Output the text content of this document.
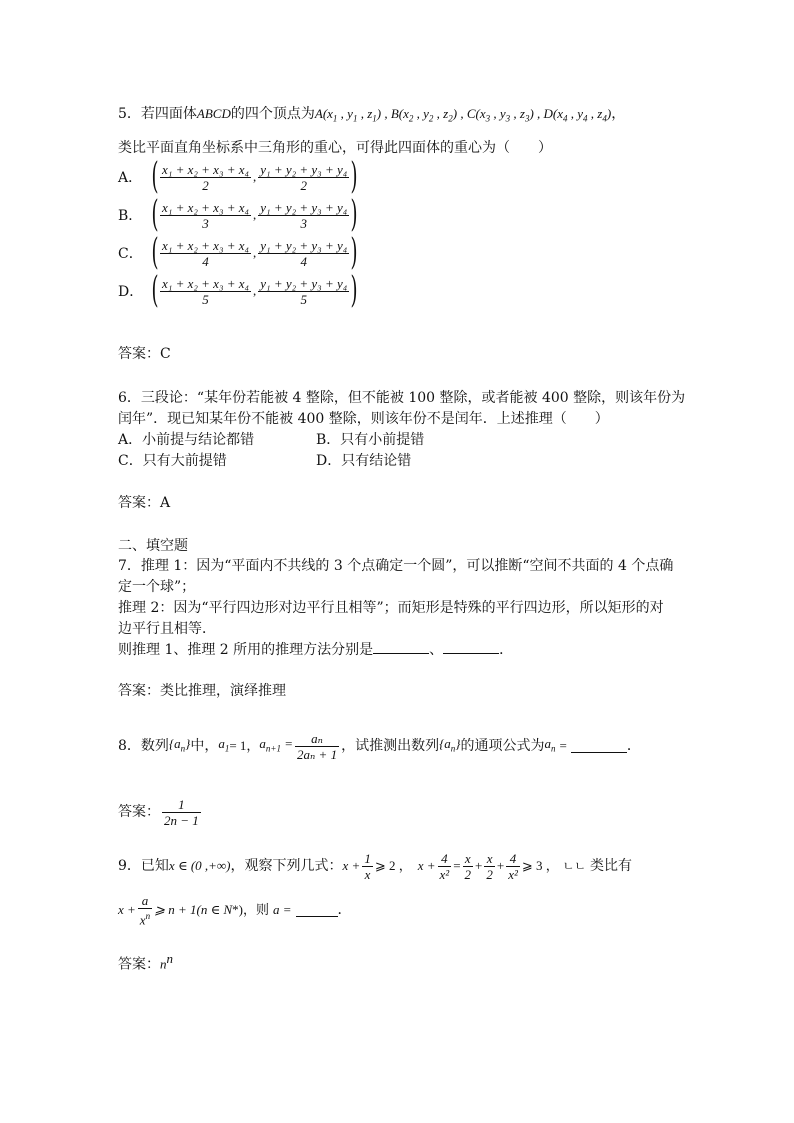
5．若四面体ABCD的四个顶点为$A(x_1$ , $y_1$ , $z_1$) , $B(x_2$ , $y_2$ , $z_2$) , $C(x_3$ , $y_3$ , $z_3$) , $D(x_4$ , $y_4$ , $z_4$)，
类比平面直角坐标系中三角形的重心，可得此四面体的重心为（　　）
A． ( $\frac{\text{x₁ + x₂ + x₃ + x₄}}{2}$ , $\frac{\text{y₁ + y₂ + y₃ + y₄}}{2}$ )
B． ( $\frac{\text{x₁ + x₂ + x₃ + x₄}}{3}$ , $\frac{\text{y₁ + y₂ + y₃ + y₄}}{3}$ )
C． ( $\frac{\text{x₁ + x₂ + x₃ + x₄}}{4}$ , $\frac{\text{y₁ + y₂ + y₃ + y₄}}{4}$ )
D． ( $\frac{\text{x₁ + x₂ + x₃ + x₄}}{5}$ , $\frac{\text{y₁ + y₂ + y₃ + y₄}}{5}$ )
答案：C
6．三段论：“某年份若能被 4 整除，但不能被 100 整除，或者能被 400 整除，则该年份为
闰年”．现已知某年份不能被 400 整除，则该年份不是闰年．上述推理（　　）
A．小前提与结论都错	B．只有小前提错
C．只有大前提错	D．只有结论错
答案：A
二、填空题
7．推理 1：因为“平面内不共线的 3 个点确定一个圆”，可以推断“空间不共面的 4 个点确
定一个球”；
推理 2：因为“平行四边形对边平行且相等”；而矩形是特殊的平行四边形，所以矩形的对
边平行且相等．
则推理 1、推理 2 所用的推理方法分别是	、	．
答案：类比推理，演绎推理
8．数列 $\{a_n\}$ 中， $a_1 = 1$， $a_{n+1} = \frac{\text{aₙ}}{\text{2aₙ + 1}}$ ，试推测出数列 $\{a_n\}$ 的通项公式为 $a_n$ =	．
答案： $\frac{1}{2n - 1}$
9．已知 x ∈ (0 ,+∞) ，观察下列几式： $x + \frac{1}{x}$ ⩾ 2 ， $x + \frac{4}{\text{x²}} = \frac{x}{2} + \frac{x}{2} + \frac{4}{\text{x²}}$ ⩾ 3 ， ㄴㄴ 类比有
$x + \frac{a}{x^n}$ ⩾ n + 1(n ∈ N * )，则 a =	．
答案：$n^n$
